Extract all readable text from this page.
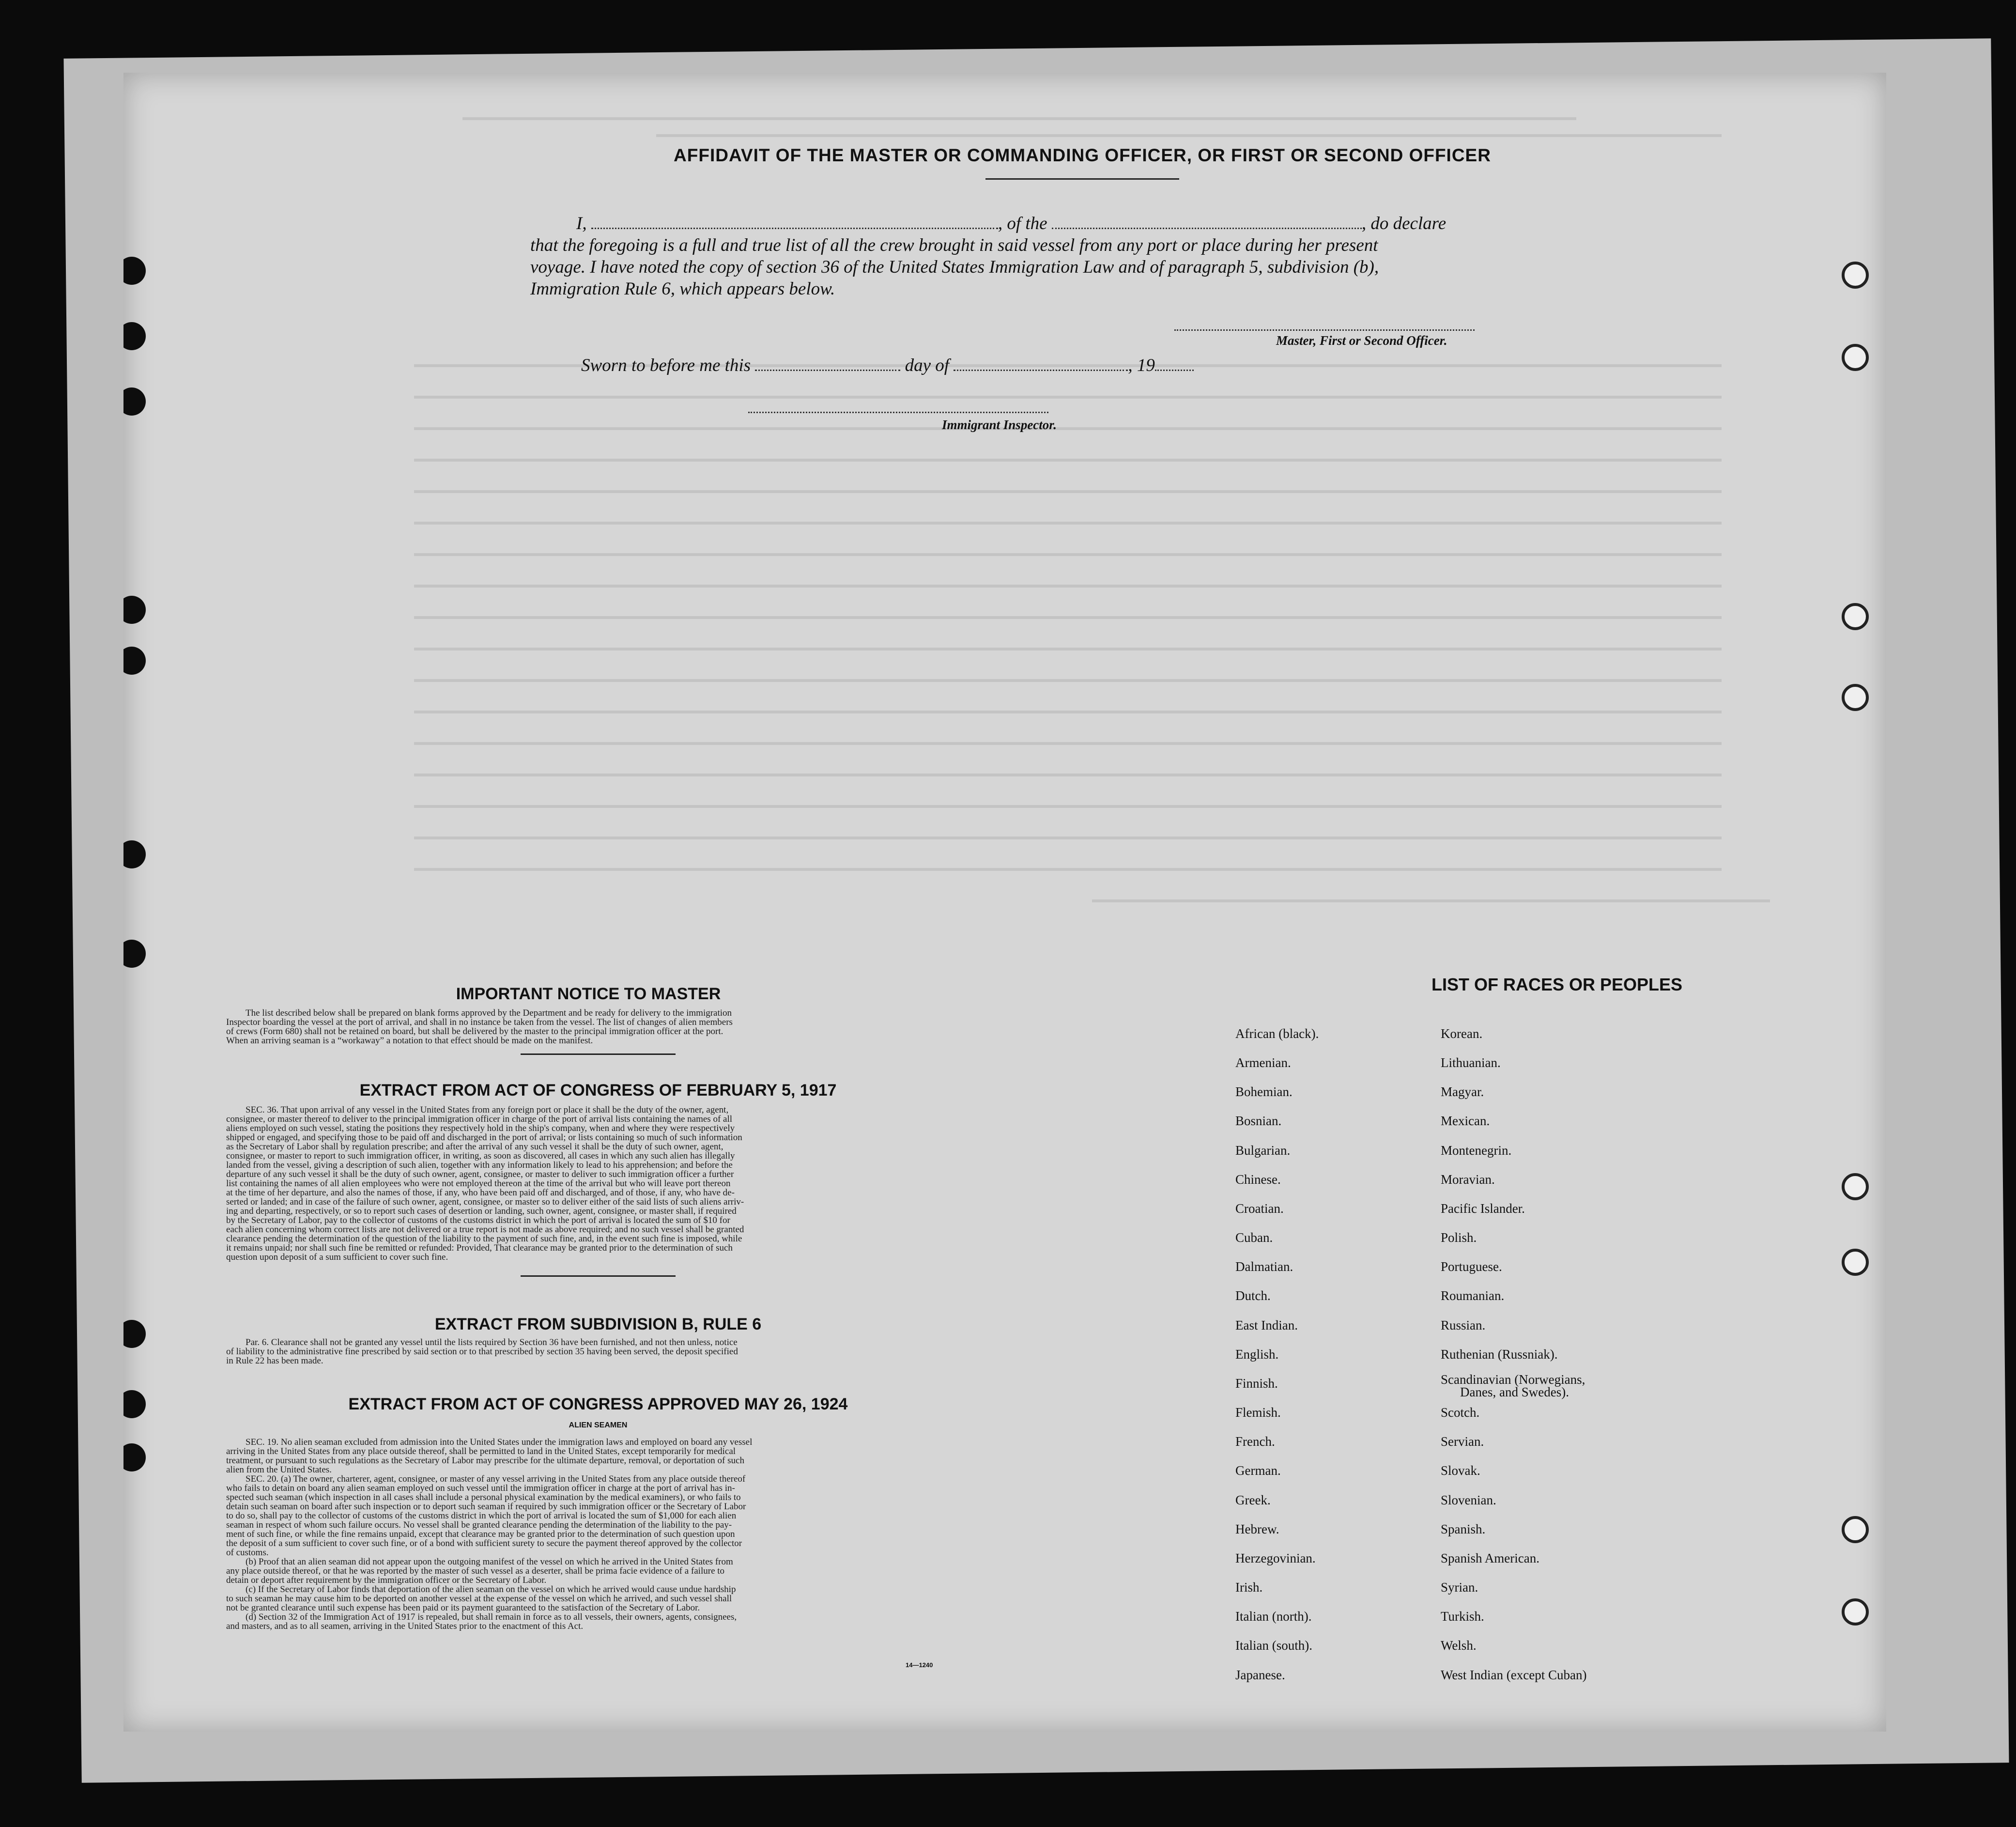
AFFIDAVIT OF THE MASTER OR COMMANDING OFFICER, OR FIRST OR SECOND OFFICER
I,	, of the	, do declare
that the foregoing is a full and true list of all the crew brought in said vessel from any port or place during her present
voyage. I have noted the copy of section 36 of the United States Immigration Law and of paragraph 5, subdivision (b),
Immigration Rule 6, which appears below.
Master, First or Second Officer.
Sworn to before me this	day of	, 19
Immigrant Inspector.
IMPORTANT NOTICE TO MASTER
The list described below shall be prepared on blank forms approved by the Department and be ready for delivery to the immigration
Inspector boarding the vessel at the port of arrival, and shall in no instance be taken from the vessel. The list of changes of alien members
of crews (Form 680) shall not be retained on board, but shall be delivered by the master to the principal immigration officer at the port.
When an arriving seaman is a “workaway” a notation to that effect should be made on the manifest.
EXTRACT FROM ACT OF CONGRESS OF FEBRUARY 5, 1917
SEC. 36. That upon arrival of any vessel in the United States from any foreign port or place it shall be the duty of the owner, agent,
consignee, or master thereof to deliver to the principal immigration officer in charge of the port of arrival lists containing the names of all
aliens employed on such vessel, stating the positions they respectively hold in the ship's company, when and where they were respectively
shipped or engaged, and specifying those to be paid off and discharged in the port of arrival; or lists containing so much of such information
as the Secretary of Labor shall by regulation prescribe; and after the arrival of any such vessel it shall be the duty of such owner, agent,
consignee, or master to report to such immigration officer, in writing, as soon as discovered, all cases in which any such alien has illegally
landed from the vessel, giving a description of such alien, together with any information likely to lead to his apprehension; and before the
departure of any such vessel it shall be the duty of such owner, agent, consignee, or master to deliver to such immigration officer a further
list containing the names of all alien employees who were not employed thereon at the time of the arrival but who will leave port thereon
at the time of her departure, and also the names of those, if any, who have been paid off and discharged, and of those, if any, who have de-
serted or landed; and in case of the failure of such owner, agent, consignee, or master so to deliver either of the said lists of such aliens arriv-
ing and departing, respectively, or so to report such cases of desertion or landing, such owner, agent, consignee, or master shall, if required
by the Secretary of Labor, pay to the collector of customs of the customs district in which the port of arrival is located the sum of $10 for
each alien concerning whom correct lists are not delivered or a true report is not made as above required; and no such vessel shall be granted
clearance pending the determination of the question of the liability to the payment of such fine, and, in the event such fine is imposed, while
it remains unpaid; nor shall such fine be remitted or refunded: Provided, That clearance may be granted prior to the determination of such
question upon deposit of a sum sufficient to cover such fine.
EXTRACT FROM SUBDIVISION B, RULE 6
Par. 6. Clearance shall not be granted any vessel until the lists required by Section 36 have been furnished, and not then unless, notice
of liability to the administrative fine prescribed by said section or to that prescribed by section 35 having been served, the deposit specified
in Rule 22 has been made.
EXTRACT FROM ACT OF CONGRESS APPROVED MAY 26, 1924
ALIEN SEAMEN
SEC. 19. No alien seaman excluded from admission into the United States under the immigration laws and employed on board any vessel
arriving in the United States from any place outside thereof, shall be permitted to land in the United States, except temporarily for medical
treatment, or pursuant to such regulations as the Secretary of Labor may prescribe for the ultimate departure, removal, or deportation of such
alien from the United States.
SEC. 20. (a) The owner, charterer, agent, consignee, or master of any vessel arriving in the United States from any place outside thereof
who fails to detain on board any alien seaman employed on such vessel until the immigration officer in charge at the port of arrival has in-
spected such seaman (which inspection in all cases shall include a personal physical examination by the medical examiners), or who fails to
detain such seaman on board after such inspection or to deport such seaman if required by such immigration officer or the Secretary of Labor
to do so, shall pay to the collector of customs of the customs district in which the port of arrival is located the sum of $1,000 for each alien
seaman in respect of whom such failure occurs. No vessel shall be granted clearance pending the determination of the liability to the pay-
ment of such fine, or while the fine remains unpaid, except that clearance may be granted prior to the determination of such question upon
the deposit of a sum sufficient to cover such fine, or of a bond with sufficient surety to secure the payment thereof approved by the collector
of customs.
(b) Proof that an alien seaman did not appear upon the outgoing manifest of the vessel on which he arrived in the United States from
any place outside thereof, or that he was reported by the master of such vessel as a deserter, shall be prima facie evidence of a failure to
detain or deport after requirement by the immigration officer or the Secretary of Labor.
(c) If the Secretary of Labor finds that deportation of the alien seaman on the vessel on which he arrived would cause undue hardship
to such seaman he may cause him to be deported on another vessel at the expense of the vessel on which he arrived, and such vessel shall
not be granted clearance until such expense has been paid or its payment guaranteed to the satisfaction of the Secretary of Labor.
(d) Section 32 of the Immigration Act of 1917 is repealed, but shall remain in force as to all vessels, their owners, agents, consignees,
and masters, and as to all seamen, arriving in the United States prior to the enactment of this Act.
14—1240
LIST OF RACES OR PEOPLES
African (black).
Armenian.
Bohemian.
Bosnian.
Bulgarian.
Chinese.
Croatian.
Cuban.
Dalmatian.
Dutch.
East Indian.
English.
Finnish.
Flemish.
French.
German.
Greek.
Hebrew.
Herzegovinian.
Irish.
Italian (north).
Italian (south).
Japanese.
Korean.
Lithuanian.
Magyar.
Mexican.
Montenegrin.
Moravian.
Pacific Islander.
Polish.
Portuguese.
Roumanian.
Russian.
Ruthenian (Russniak).
Scandinavian (Norwegians,
Danes, and Swedes).
Scotch.
Servian.
Slovak.
Slovenian.
Spanish.
Spanish American.
Syrian.
Turkish.
Welsh.
West Indian (except Cuban)
